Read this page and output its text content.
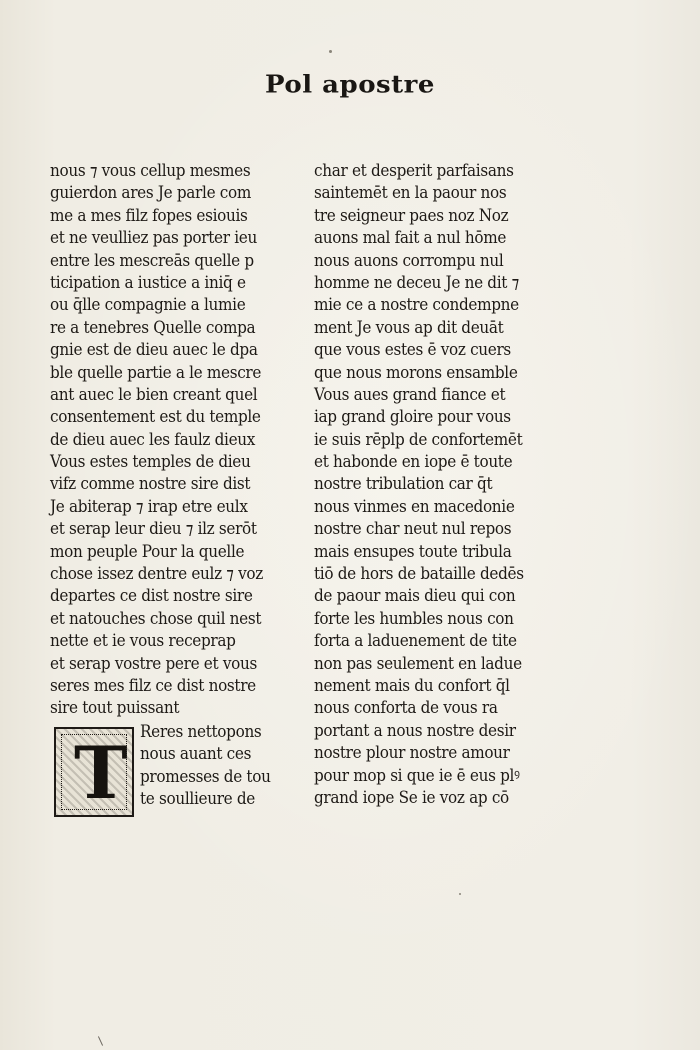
Pol apostre
nous ⁊ vous cellup mesmes
guierdon ares Je parle com
me a mes filz fopes esiouis
et ne veulliez pas porter ieu
entre les mescreās quelle p
ticipation a iustice a iniq̄ e
ou q̄lle compagnie a lumie
re a tenebres Quelle compa
gnie est de dieu auec le dpa
ble quelle partie a le mescre
ant auec le bien creant quel
consentement est du temple
de dieu auec les faulz dieux
Vous estes temples de dieu
vifz comme nostre sire dist
Je abiterap ⁊ irap etre eulx
et serap leur dieu ⁊ ilz serōt
mon peuple Pour la quelle
chose issez dentre eulz ⁊ voz
departes ce dist nostre sire
et natouches chose quil nest
nette et ie vous receprap
et serap vostre pere et vous
seres mes filz ce dist nostre
sire tout puissant
T Reres nettopons
nous auant ces
promesses de tou
te soullieure de
char et desperit parfaisans
saintemēt en la paour nos
tre seigneur paes noz Noz
auons mal fait a nul hōme
nous auons corrompu nul
homme ne deceu Je ne dit ⁊
mie ce a nostre condempne
ment Je vous ap dit deuāt
que vous estes ē voz cuers
que nous morons ensamble
Vous aues grand fiance et
iap grand gloire pour vous
ie suis rēplp de confortemēt
et habonde en iope ē toute
nostre tribulation car q̄t
nous vinmes en macedonie
nostre char neut nul repos
mais ensupes toute tribula
tiō de hors de bataille dedēs
de paour mais dieu qui con
forte les humbles nous con
forta a laduenement de tite
non pas seulement en ladue
nement mais du confort q̄l
nous conforta de vous ra
portant a nous nostre desir
nostre plour nostre amour
pour mop si que ie ē eus plꝰ
grand iope Se ie voz ap cō
